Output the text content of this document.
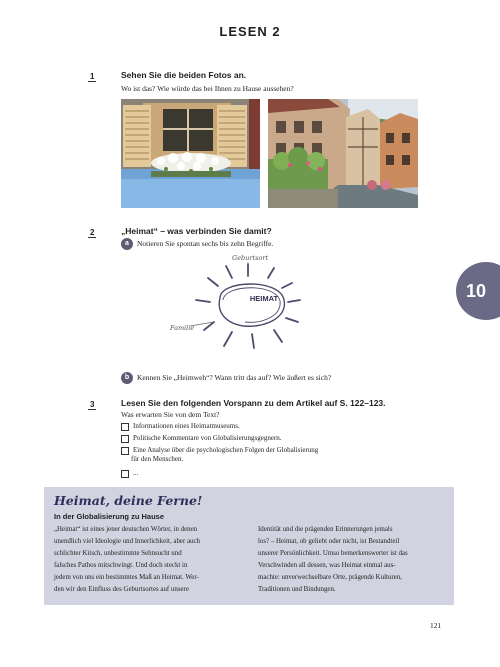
LESEN 2
1	Sehen Sie die beiden Fotos an.
Wo ist das? Wie würde das bei Ihnen zu Hause aussehen?
2	„Heimat“ – was verbinden Sie damit?
a	Notieren Sie spontan sechs bis zehn Begriffe.
HEIMAT
Geburtsort
Familie
b	Kennen Sie „Heimweh“? Wann tritt das auf? Wie äußert es sich?
10
3	Lesen Sie den folgenden Vorspann zu dem Artikel auf S. 122–123.
Was erwarten Sie von dem Text?
Informationen eines Heimatmuseums.
Politische Kommentare von Globalisierungsgegnern.
Eine Analyse über die psychologischen Folgen der Globalisierung
für den Menschen.
...
Heimat, deine Ferne!
In der Globalisierung zu Hause
„Heimat“ ist eines jener deutschen Wörter, in denen
unendlich viel Ideologie und Innerlichkeit, aber auch
schlichter Kitsch, unbestimmte Sehnsucht und
falsches Pathos mitschwingt. Und doch steckt in
jedem von uns ein bestimmtes Maß an Heimat. Wer-
den wir den Einfluss des Geburtsortes auf unsere
Identität und die prägenden Erinnerungen jemals
los? – Heimat, ob geliebt oder nicht, ist Bestandteil
unserer Persönlichkeit. Umso bemerkenswerter ist das
Verschwinden all dessen, was Heimat einmal aus-
machte: unverwechselbare Orte, prägende Kulturen,
Traditionen und Bindungen.
121
